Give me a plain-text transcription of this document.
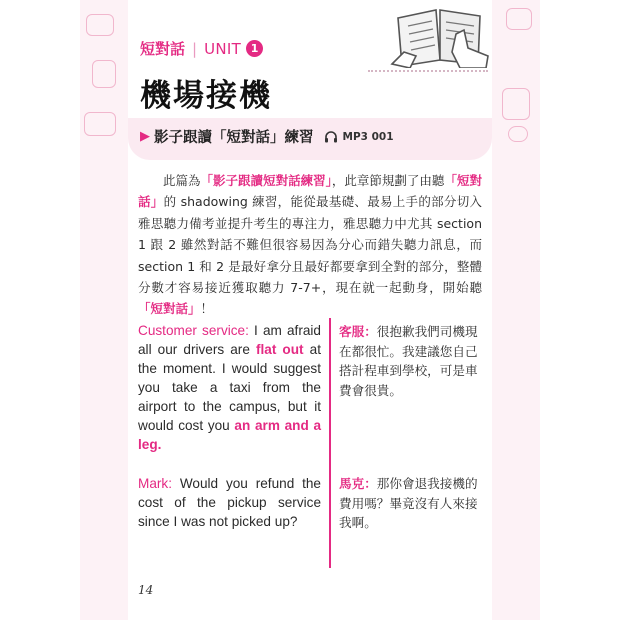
短對話 | UNIT 1
機場接機
▶ 影子跟讀「短對話」練習	MP3 001
此篇為「影子跟讀短對話練習」，此章節規劃了由聽「短對話」的 shadowing 練習，能從最基礎、最易上手的部分切入雅思聽力備考並提升考生的專注力，雅思聽力中尤其 section 1 跟 2 雖然對話不難但很容易因為分心而錯失聽力訊息，而 section 1 和 2 是最好拿分且最好都要拿到全對的部分，整體分數才容易接近獲取聽力 7-7+，現在就一起動身，開始聽「短對話」！
Customer service: I am afraid all our drivers are flat out at the moment. I would suggest you take a taxi from the airport to the campus, but it would cost you an arm and a leg.
客服：很抱歉我們司機現在都很忙。我建議您自己搭計程車到學校，可是車費會很貴。
Mark: Would you refund the cost of the pickup service since I was not picked up?
馬克：那你會退我接機的費用嗎？畢竟沒有人來接我啊。
14
